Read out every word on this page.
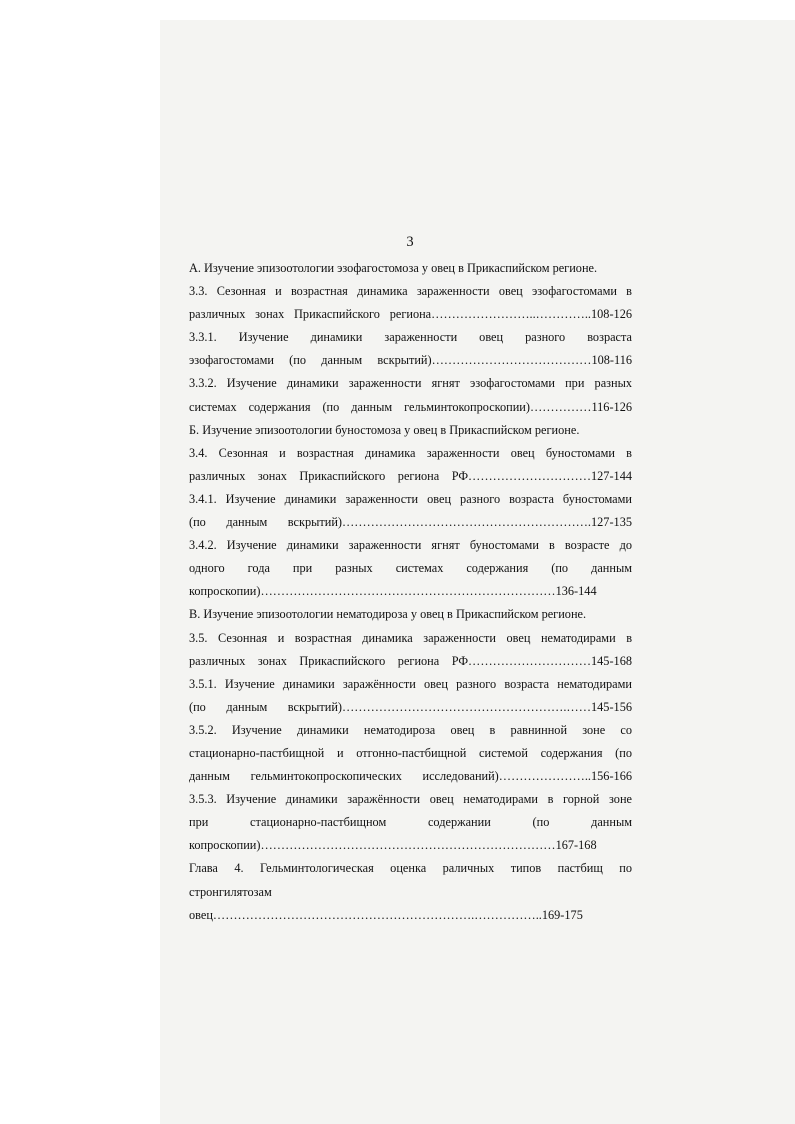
3
А. Изучение эпизоотологии эзофагостомоза у овец в Прикаспийском регионе.
3.3. Сезонная и возрастная динамика зараженности овец эзофагостомами в
различных зонах Прикаспийского региона……………………..…………..108-126
3.3.1. Изучение динамики зараженности овец разного возраста
эзофагостомами (по данным вскрытий)…………………………………108-116
3.3.2. Изучение динамики зараженности ягнят эзофагостомами при разных
системах содержания (по данным гельминтокопроскопии)……………116-126
Б. Изучение эпизоотологии буностомоза у овец в Прикаспийском регионе.
3.4. Сезонная и возрастная динамика зараженности овец буностомами в
различных зонах Прикаспийского региона РФ…………………………127-144
3.4.1. Изучение динамики зараженности овец разного возраста буностомами
(по данным вскрытий)…………………………………………………….127-135
3.4.2. Изучение динамики зараженности ягнят буностомами в возрасте до
одного года при разных системах содержания (по данным
копроскопии)………………………………………………………………136-144
В. Изучение эпизоотологии нематодироза у овец в Прикаспийском регионе.
3.5. Сезонная и возрастная динамика зараженности овец нематодирами в
различных зонах Прикаспийского региона РФ…………………………145-168
3.5.1. Изучение динамики заражённости овец разного возраста нематодирами
(по данным вскрытий)……………………………………………….……145-156
3.5.2. Изучение динамики нематодироза овец в равнинной зоне со
стационарно-пастбищной и отгонно-пастбищной системой содержания (по
данным гельминтокопроскопических исследований)…………………..156-166
3.5.3. Изучение динамики заражённости овец нематодирами в горной зоне
при стационарно-пастбищном содержании (по данным
копроскопии)………………………………………………………………167-168
Глава 4. Гельминтологическая оценка раличных типов пастбищ по
стронгилятозам
овец……………………………………………………….……………..169-175
